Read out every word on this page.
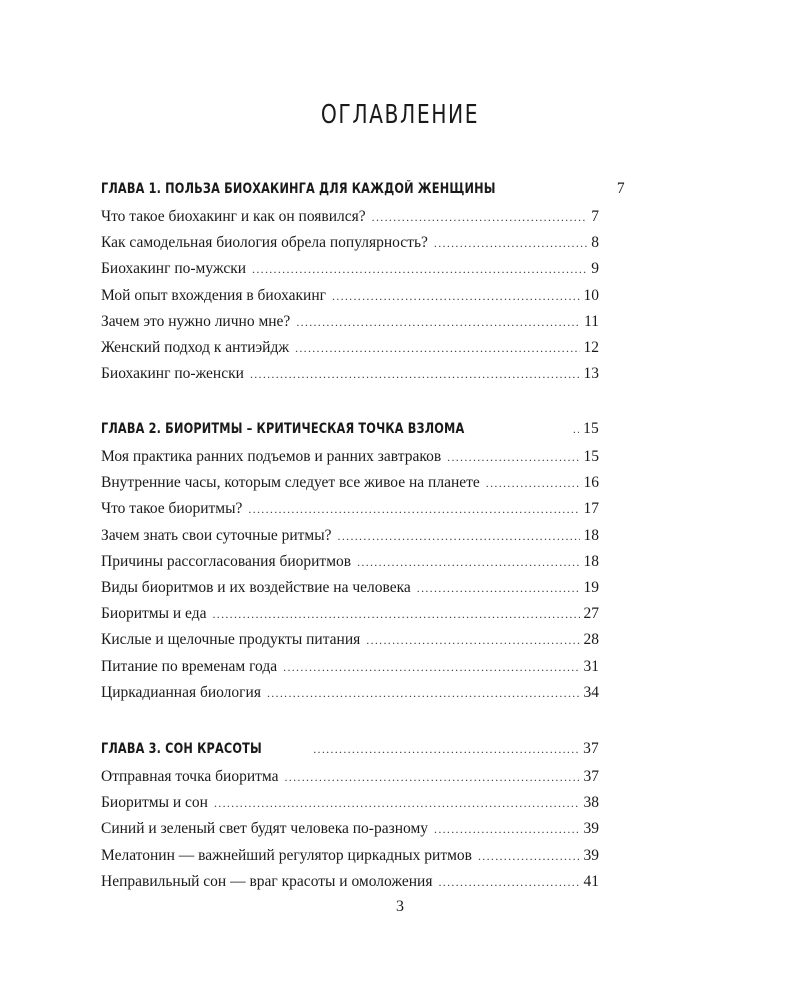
ОГЛАВЛЕНИЕ
ГЛАВА 1. ПОЛЬЗА БИОХАКИНГА ДЛЯ КАЖДОЙ ЖЕНЩИНЫ	7
Что такое биохакинг и как он появился? .....	7
Как самодельная биология обрела популярность? .....	8
Биохакинг по-мужски .....	9
Мой опыт вхождения в биохакинг .....	10
Зачем это нужно лично мне? .....	11
Женский подход к антиэйдж .....	12
Биохакинг по-женски .....	13
ГЛАВА 2. БИОРИТМЫ – КРИТИЧЕСКАЯ ТОЧКА ВЗЛОМА .....	15
Моя практика ранних подъемов и ранних завтраков .....	15
Внутренние часы, которым следует все живое на планете .....	16
Что такое биоритмы? .....	17
Зачем знать свои суточные ритмы? .....	18
Причины рассогласования биоритмов .....	18
Виды биоритмов и их воздействие на человека .....	19
Биоритмы и еда .....	27
Кислые и щелочные продукты питания .....	28
Питание по временам года .....	31
Циркадианная биология .....	34
ГЛАВА 3. СОН КРАСОТЫ .....	37
Отправная точка биоритма .....	37
Биоритмы и сон .....	38
Синий и зеленый свет будят человека по-разному .....	39
Мелатонин — важнейший регулятор циркадных ритмов .....	39
Неправильный сон — враг красоты и омоложения .....	41
3
